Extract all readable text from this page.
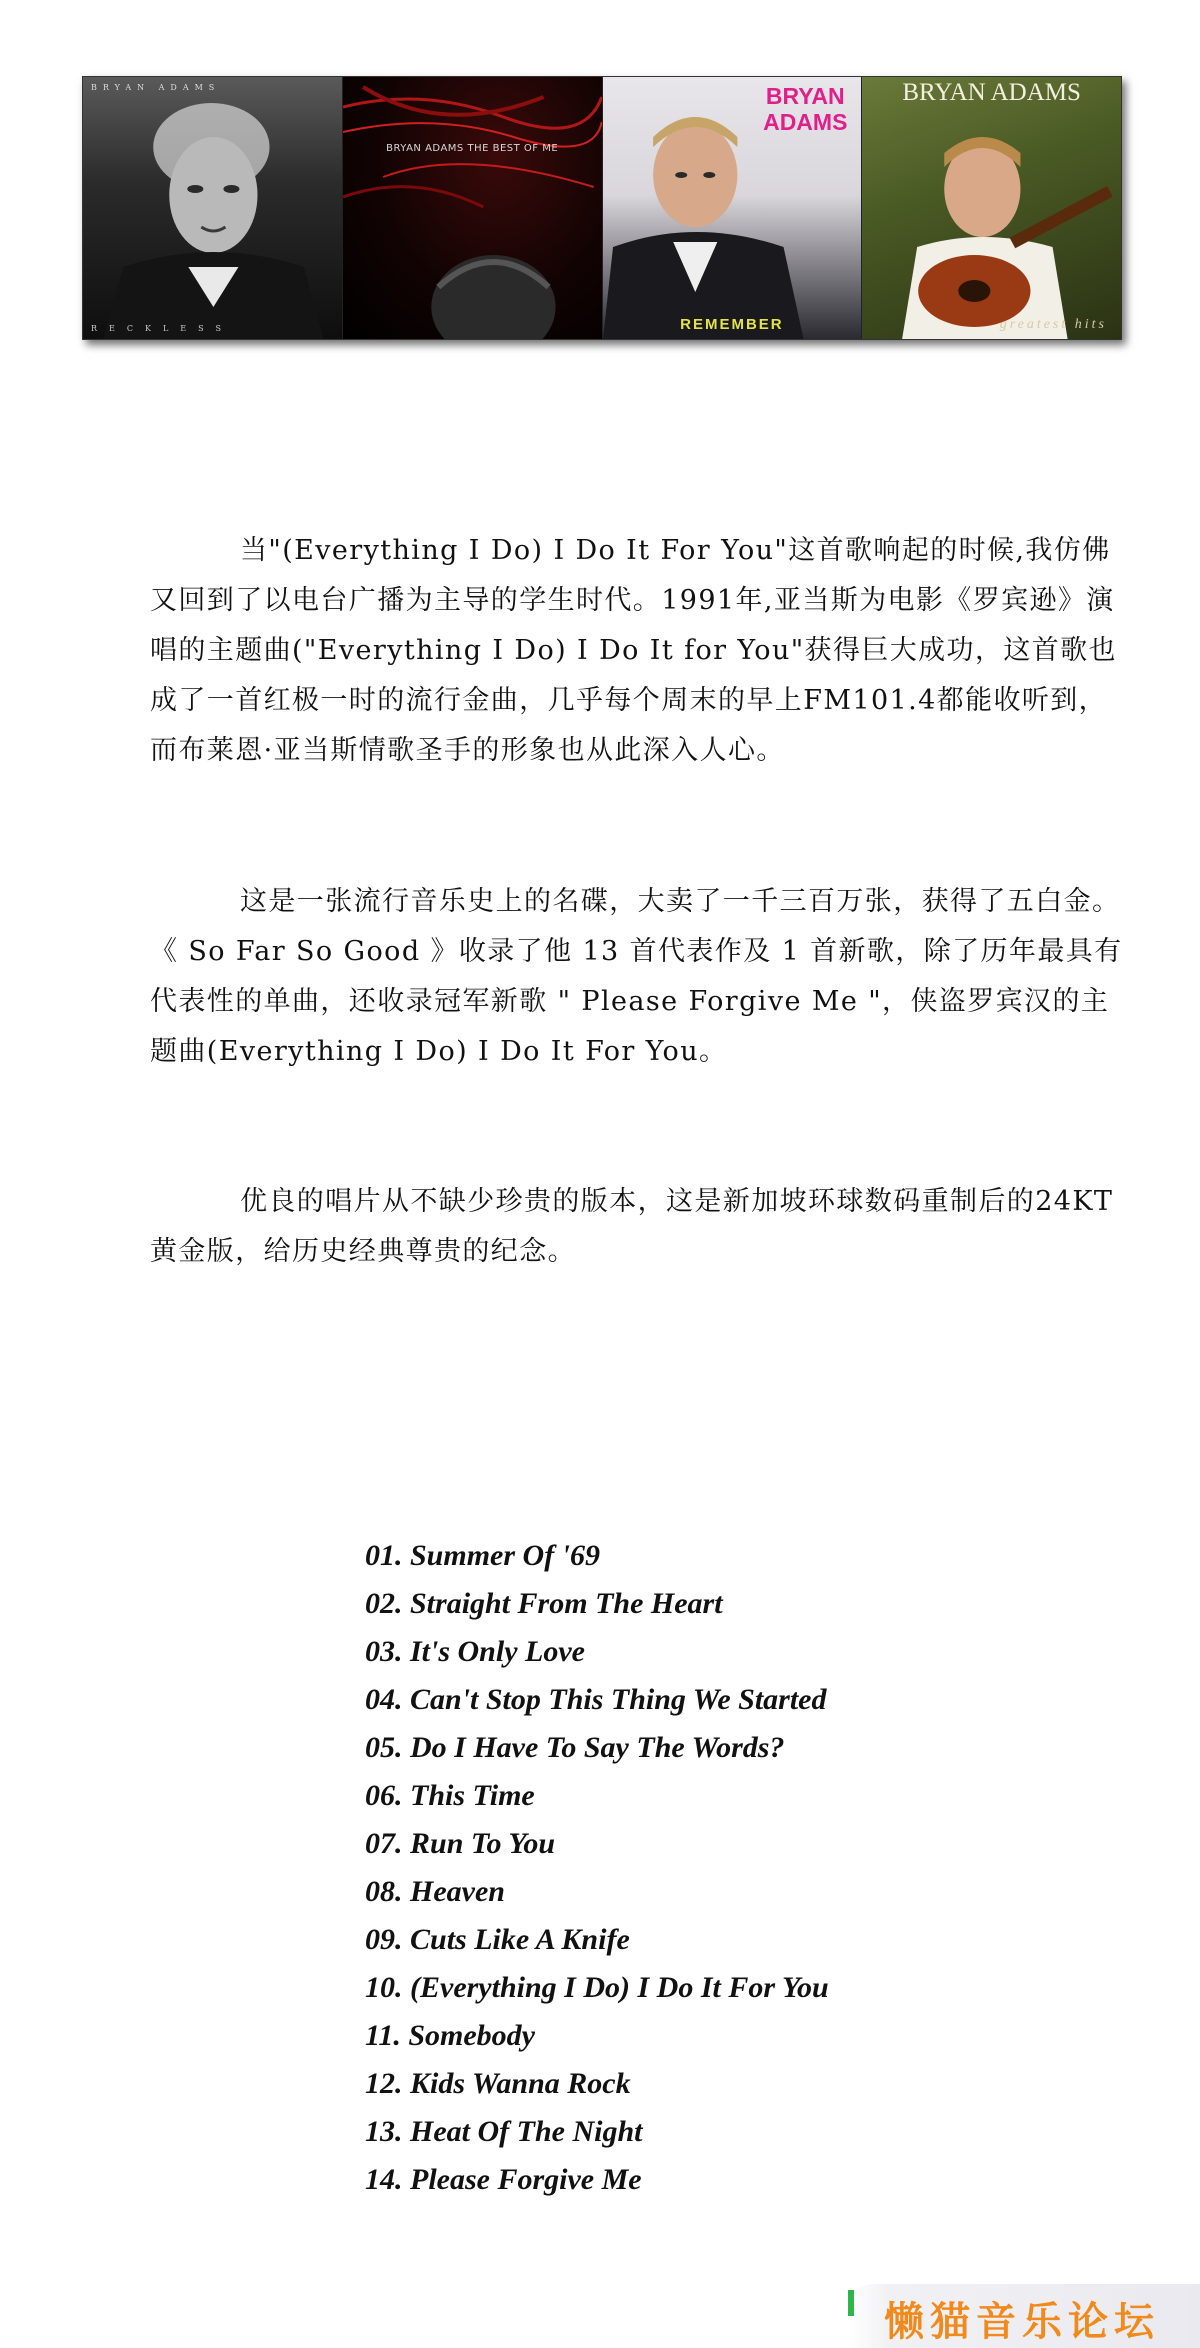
BRYAN ADAMS
RECKLESS
BRYAN ADAMS THE BEST OF ME
BRYAN ADAMS
REMEMBER
BRYAN ADAMS
greatest hits

当"(Everything I Do) I Do It For You"这首歌响起的时候,我仿佛又回到了以电台广播为主导的学生时代。1991年,亚当斯为电影《罗宾逊》演唱的主题曲("Everything I Do) I Do It for You"获得巨大成功，这首歌也成了一首红极一时的流行金曲，几乎每个周末的早上FM101.4都能收听到，而布莱恩·亚当斯情歌圣手的形象也从此深入人心。

这是一张流行音乐史上的名碟，大卖了一千三百万张，获得了五白金。《 So Far So Good 》收录了他 13 首代表作及 1 首新歌，除了历年最具有代表性的单曲，还收录冠军新歌 " Please Forgive Me "，侠盗罗宾汉的主题曲(Everything I Do) I Do It For You。

优良的唱片从不缺少珍贵的版本，这是新加坡环球数码重制后的24KT黄金版，给历史经典尊贵的纪念。

01. Summer Of '69
02. Straight From The Heart
03. It's Only Love
04. Can't Stop This Thing We Started
05. Do I Have To Say The Words?
06. This Time
07. Run To You
08. Heaven
09. Cuts Like A Knife
10. (Everything I Do) I Do It For You
11. Somebody
12. Kids Wanna Rock
13. Heat Of The Night
14. Please Forgive Me
懒猫音乐论坛
